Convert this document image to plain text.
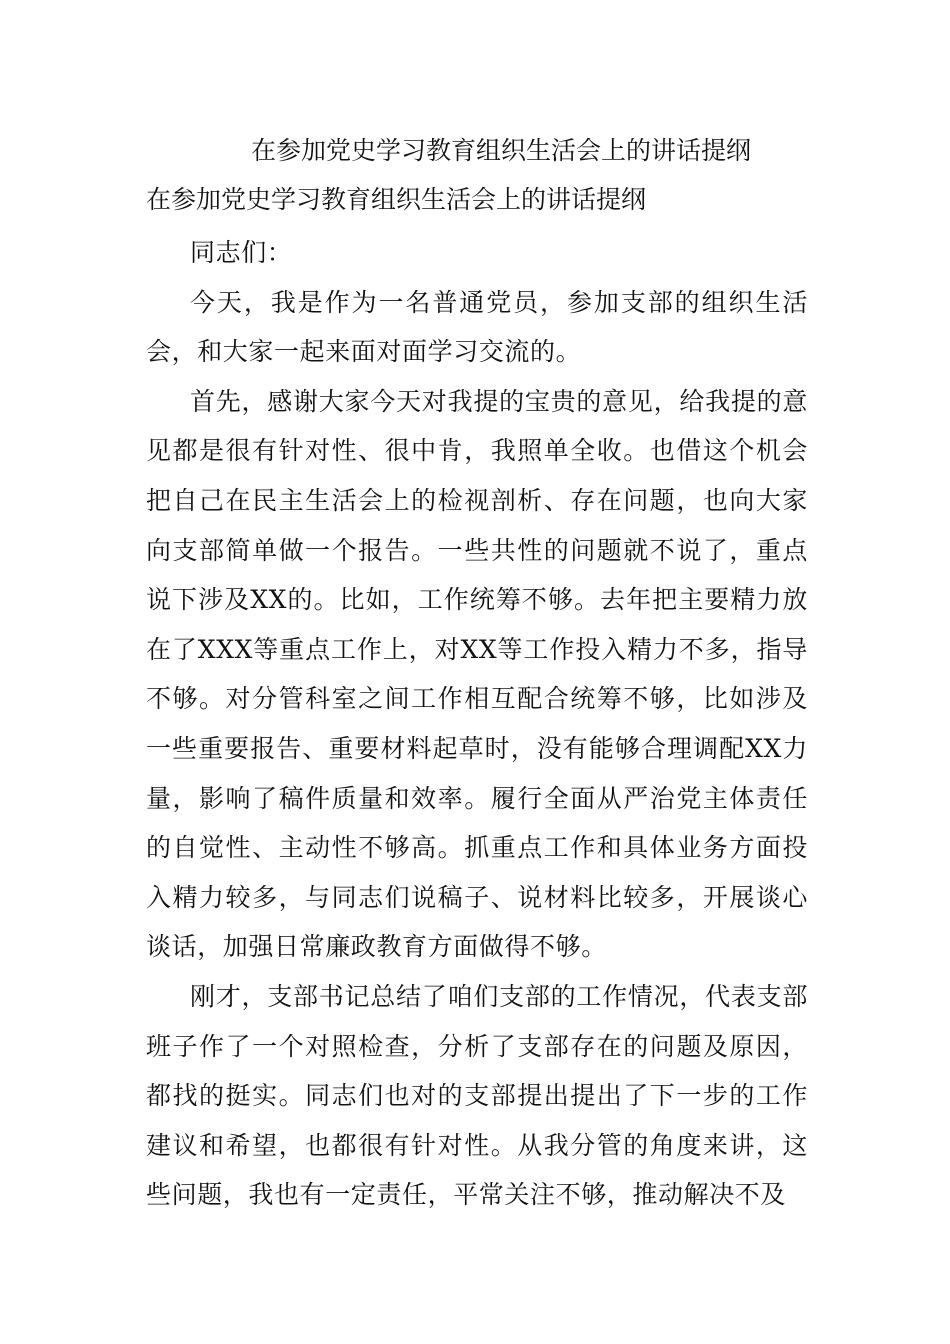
在参加党史学习教育组织生活会上的讲话提纲
在参加党史学习教育组织生活会上的讲话提纲

同志们：

今天，我是作为一名普通党员，参加支部的组织生活会，和大家一起来面对面学习交流的。

首先，感谢大家今天对我提的宝贵的意见，给我提的意见都是很有针对性、很中肯，我照单全收。也借这个机会把自己在民主生活会上的检视剖析、存在问题，也向大家向支部简单做一个报告。一些共性的问题就不说了，重点说下涉及XX的。比如，工作统筹不够。去年把主要精力放在了XXX等重点工作上，对XX等工作投入精力不多，指导不够。对分管科室之间工作相互配合统筹不够，比如涉及一些重要报告、重要材料起草时，没有能够合理调配XX力量，影响了稿件质量和效率。履行全面从严治党主体责任的自觉性、主动性不够高。抓重点工作和具体业务方面投入精力较多，与同志们说稿子、说材料比较多，开展谈心谈话，加强日常廉政教育方面做得不够。

刚才，支部书记总结了咱们支部的工作情况，代表支部班子作了一个对照检查，分析了支部存在的问题及原因，都找的挺实。同志们也对的支部提出提出了下一步的工作建议和希望，也都很有针对性。从我分管的角度来讲，这些问题，我也有一定责任，平常关注不够，推动解决不及
